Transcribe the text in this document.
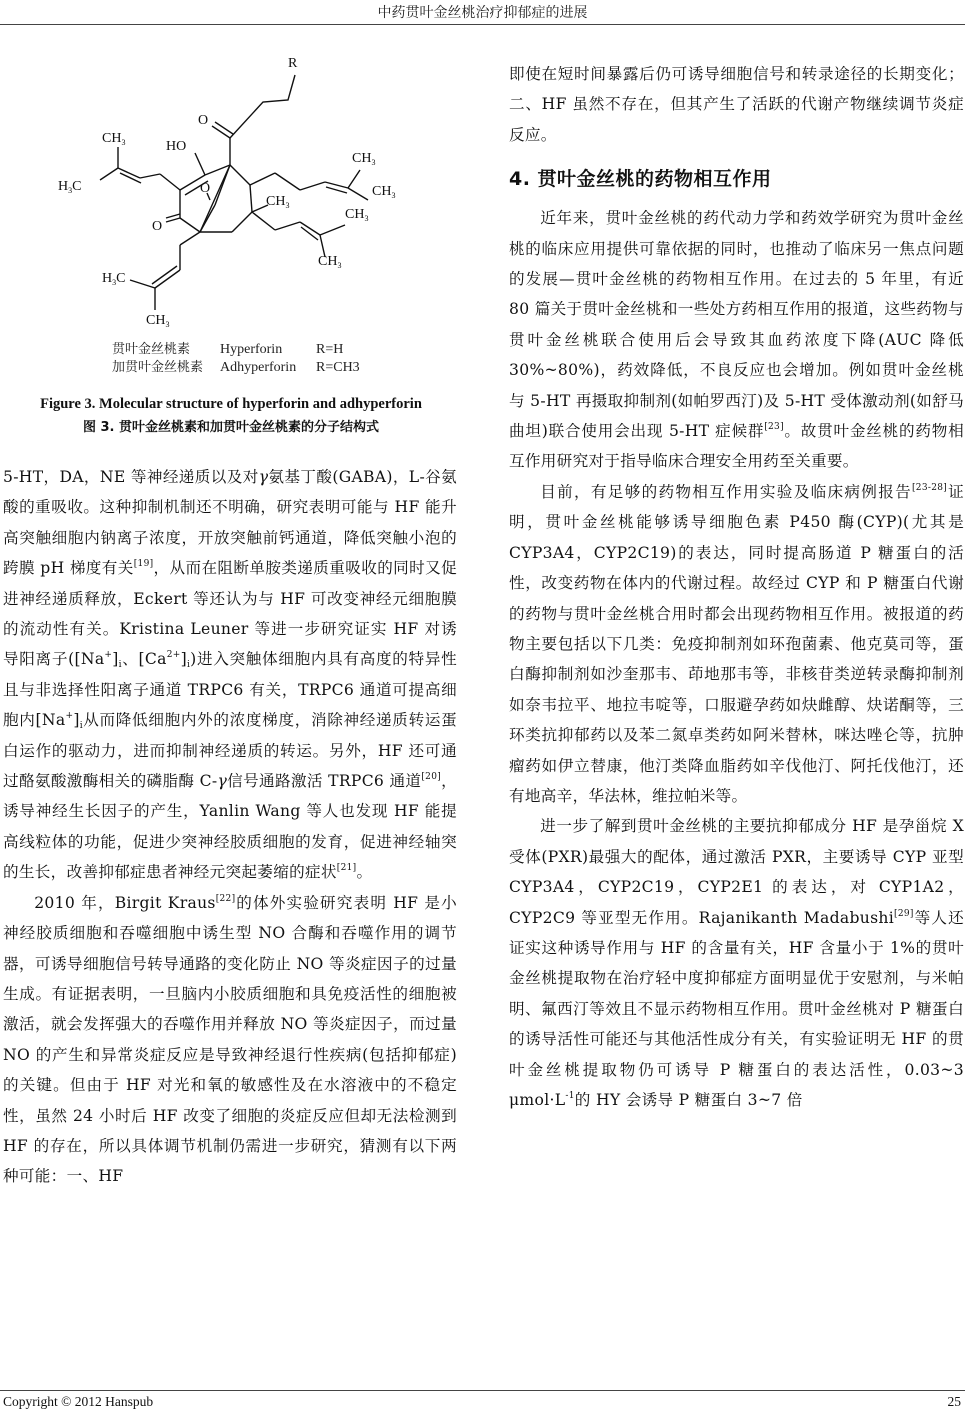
中药贯叶金丝桃治疗抑郁症的进展
R
O
$CH_3$	HO
$CH_3$
$CH_3$
$H_3C$	O
$CH_3$
$CH_3$
O
$CH_3$
$H_3C$
$CH_3$
贯叶金丝桃素 Hyperforin R=H
加贯叶金丝桃素 Adhyperforin R=CH3
Figure 3. Molecular structure of hyperforin and adhyperforin
图 3. 贯叶金丝桃素和加贯叶金丝桃素的分子结构式

5-HT，DA，NE 等神经递质以及对γ氨基丁酸(GABA)，L-谷氨酸的重吸收。这种抑制机制还不明确，研究表明可能与 HF 能升高突触细胞内钠离子浓度，开放突触前钙通道，降低突触小泡的跨膜 pH 梯度有关[19]，从而在阻断单胺类递质重吸收的同时又促进神经递质释放，Eckert 等还认为与 HF 可改变神经元细胞膜的流动性有关。Kristina Leuner 等进一步研究证实 HF 对诱导阳离子($[Na^+]_i$、$[Ca^{2+}]_i$)进入突触体细胞内具有高度的特异性且与非选择性阳离子通道 TRPC6 有关，TRPC6 通道可提高细胞内$[Na^+]_i$从而降低细胞内外的浓度梯度，消除神经递质转运蛋白运作的驱动力，进而抑制神经递质的转运。另外，HF 还可通过酪氨酸激酶相关的磷脂酶 C-γ信号通路激活 TRPC6 通道[20]，诱导神经生长因子的产生，Yanlin Wang 等人也发现 HF 能提高线粒体的功能，促进少突神经胶质细胞的发育，促进神经轴突的生长，改善抑郁症患者神经元突起萎缩的症状[21]。

2010 年，Birgit Kraus[22]的体外实验研究表明 HF 是小神经胶质细胞和吞噬细胞中诱生型 NO 合酶和吞噬作用的调节器，可诱导细胞信号转导通路的变化防止 NO 等炎症因子的过量生成。有证据表明，一旦脑内小胶质细胞和具免疫活性的细胞被激活，就会发挥强大的吞噬作用并释放 NO 等炎症因子，而过量 NO 的产生和异常炎症反应是导致神经退行性疾病(包括抑郁症)的关键。但由于 HF 对光和氧的敏感性及在水溶液中的不稳定性，虽然 24 小时后 HF 改变了细胞的炎症反应但却无法检测到 HF 的存在，所以具体调节机制仍需进一步研究，猜测有以下两种可能：一、HF

即使在短时间暴露后仍可诱导细胞信号和转录途径的长期变化；二、HF 虽然不存在，但其产生了活跃的代谢产物继续调节炎症反应。

4. 贯叶金丝桃的药物相互作用

近年来，贯叶金丝桃的药代动力学和药效学研究为贯叶金丝桃的临床应用提供可靠依据的同时，也推动了临床另一焦点问题的发展—贯叶金丝桃的药物相互作用。在过去的 5 年里，有近 80 篇关于贯叶金丝桃和一些处方药相互作用的报道，这些药物与贯叶金丝桃联合使用后会导致其血药浓度下降(AUC 降低 30%~80%)，药效降低，不良反应也会增加。例如贯叶金丝桃与 5-HT 再摄取抑制剂(如帕罗西汀)及 5-HT 受体激动剂(如舒马曲坦)联合使用会出现 5-HT 症候群[23]。故贯叶金丝桃的药物相互作用研究对于指导临床合理安全用药至关重要。

目前，有足够的药物相互作用实验及临床病例报告[23-28]证明，贯叶金丝桃能够诱导细胞色素 P450 酶(CYP)(尤其是 CYP3A4，CYP2C19)的表达，同时提高肠道 P 糖蛋白的活性，改变药物在体内的代谢过程。故经过 CYP 和 P 糖蛋白代谢的药物与贯叶金丝桃合用时都会出现药物相互作用。被报道的药物主要包括以下几类：免疫抑制剂如环孢菌素、他克莫司等，蛋白酶抑制剂如沙奎那韦、茚地那韦等，非核苷类逆转录酶抑制剂如奈韦拉平、地拉韦啶等，口服避孕药如炔雌醇、炔诺酮等，三环类抗抑郁药以及苯二氮卓类药如阿米替林，咪达唑仑等，抗肿瘤药如伊立替康，他汀类降血脂药如辛伐他汀、阿托伐他汀，还有地高辛，华法林，维拉帕米等。

进一步了解到贯叶金丝桃的主要抗抑郁成分 HF 是孕甾烷 X 受体(PXR)最强大的配体，通过激活 PXR，主要诱导 CYP 亚型 CYP3A4，CYP2C19，CYP2E1 的表达，对 CYP1A2，CYP2C9 等亚型无作用。Rajanikanth Madabushi[29]等人还证实这种诱导作用与 HF 的含量有关，HF 含量小于 1%的贯叶金丝桃提取物在治疗轻中度抑郁症方面明显优于安慰剂，与米帕明、氟西汀等效且不显示药物相互作用。贯叶金丝桃对 P 糖蛋白的诱导活性可能还与其他活性成分有关，有实验证明无 HF 的贯叶金丝桃提取物仍可诱导 P 糖蛋白的表达活性，0.03~3 $\mu mol\cdot L^{-1}$的 HY 会诱导 P 糖蛋白 3~7 倍

Copyright © 2012 Hanspub	25
